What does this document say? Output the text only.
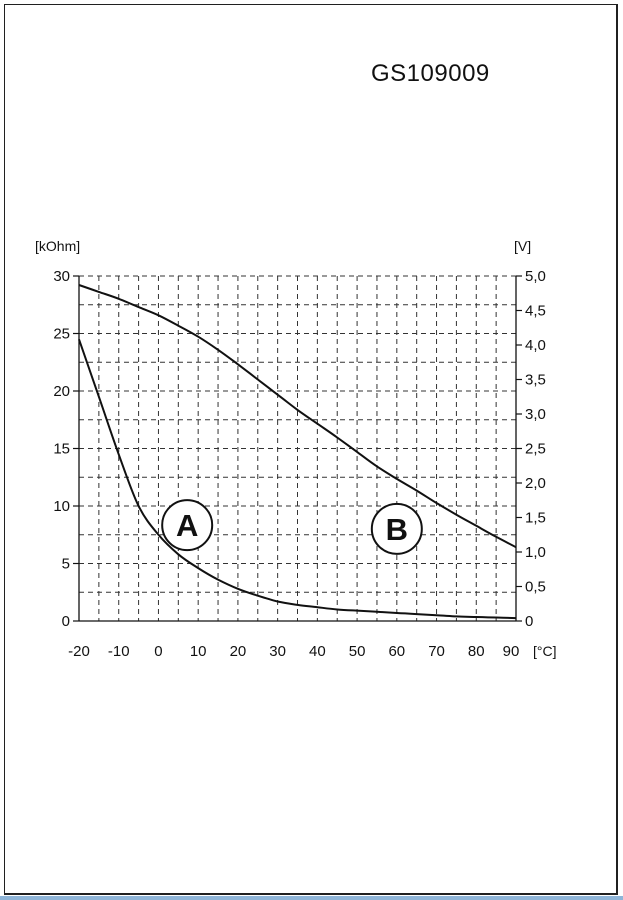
GS109009
0
5
10
15
20
25
30
0
0,5
1,0
1,5
2,0
2,5
3,0
3,5
4,0
4,5
5,0
-20 -10 0 10 20 30 40 50 60 70 80 90
A	B
[kOhm]	[V]
[°C]
